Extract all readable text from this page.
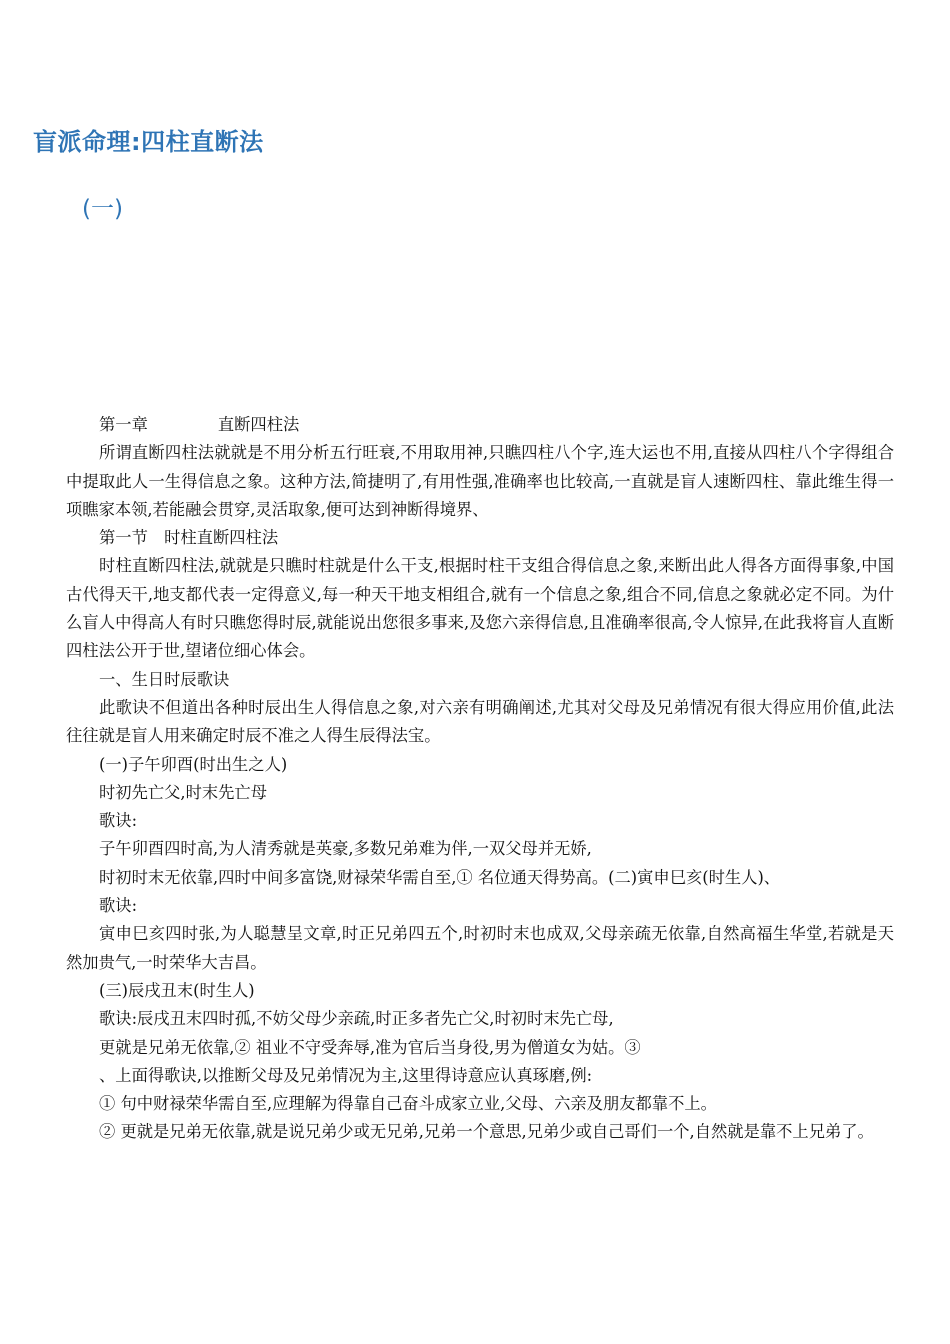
盲派命理:四柱直断法
(一)

第一章	直断四柱法

所谓直断四柱法就就是不用分析五行旺衰,不用取用神,只瞧四柱八个字,连大运也不用,直接从四柱八个字得组合中提取此人一生得信息之象。这种方法,简捷明了,有用性强,准确率也比较高,一直就是盲人速断四柱、靠此维生得一项瞧家本领,若能融会贯穿,灵活取象,便可达到神断得境界、

第一节　时柱直断四柱法

时柱直断四柱法,就就是只瞧时柱就是什么干支,根据时柱干支组合得信息之象,来断出此人得各方面得事象,中国古代得天干,地支都代表一定得意义,每一种天干地支相组合,就有一个信息之象,组合不同,信息之象就必定不同。为什么盲人中得高人有时只瞧您得时辰,就能说出您很多事来,及您六亲得信息,且准确率很高,令人惊异,在此我将盲人直断四柱法公开于世,望诸位细心体会。

一、生日时辰歌诀

此歌诀不但道出各种时辰出生人得信息之象,对六亲有明确阐述,尤其对父母及兄弟情况有很大得应用价值,此法往往就是盲人用来确定时辰不准之人得生辰得法宝。

(一)子午卯酉(时出生之人)

时初先亡父,时末先亡母

歌诀:

子午卯酉四时高,为人清秀就是英豪,多数兄弟难为伴,一双父母并无娇,

时初时末无依靠,四时中间多富饶,财禄荣华需自至,① 名位通天得势高。(二)寅申巳亥(时生人)、

歌诀:

寅申巳亥四时张,为人聪慧呈文章,时正兄弟四五个,时初时末也成双,父母亲疏无依靠,自然高福生华堂,若就是天然加贵气,一时荣华大吉昌。

(三)辰戌丑末(时生人)

歌诀:辰戌丑末四时孤,不妨父母少亲疏,时正多者先亡父,时初时末先亡母,

更就是兄弟无依靠,② 祖业不守受奔辱,准为官后当身役,男为僧道女为姑。③

、上面得歌诀,以推断父母及兄弟情况为主,这里得诗意应认真琢磨,例:

① 句中财禄荣华需自至,应理解为得靠自己奋斗成家立业,父母、六亲及朋友都靠不上。

② 更就是兄弟无依靠,就是说兄弟少或无兄弟,兄弟一个意思,兄弟少或自己哥们一个,自然就是靠不上兄弟了。
